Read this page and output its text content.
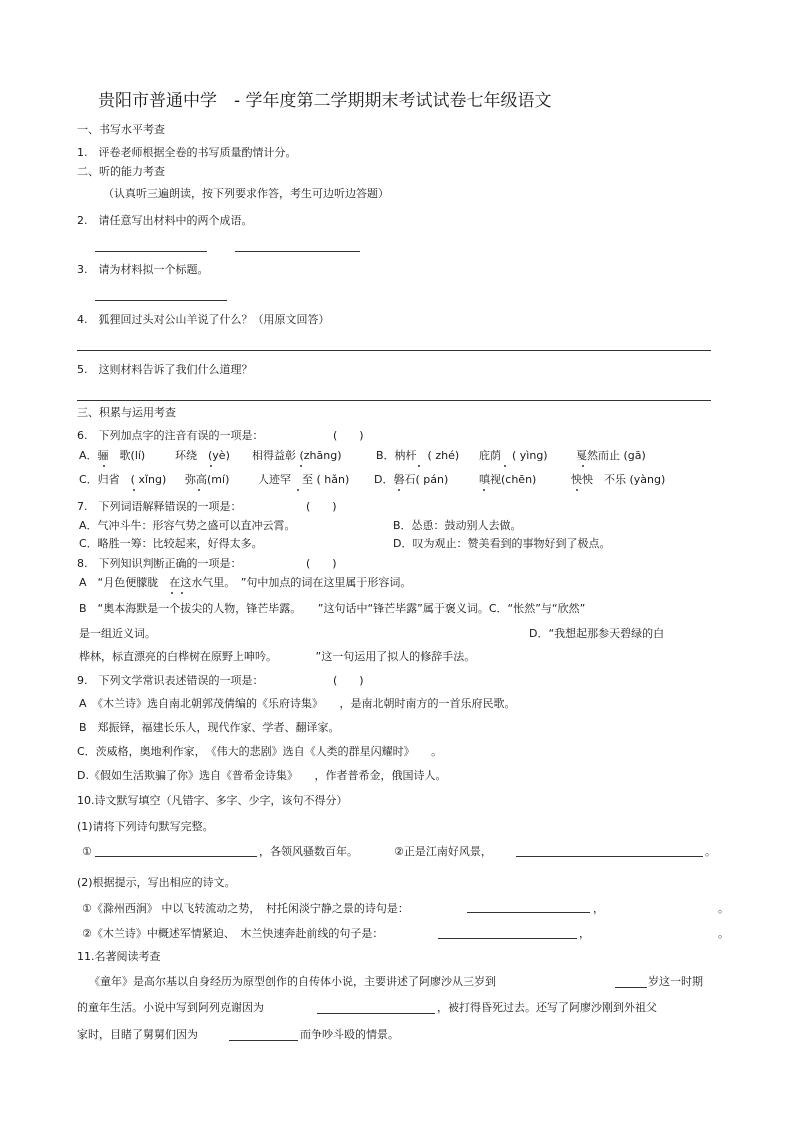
贵阳市普通中学　- 学年度第二学期期末考试试卷七年级语文
一、书写水平考查
1.　评卷老师根据全卷的书写质量酌情计分。
二、听的能力考查
（认真听三遍朗读，按下列要求作答，考生可边听边答题）
2.　请任意写出材料中的两个成语。
3.　请为材料拟一个标题。
4.　狐狸回过头对公山羊说了什么？（用原文回答）
5.　这则材料告诉了我们什么道理？
三、积累与运用考查
6.　下列加点字的注音有误的一项是：	(　　)
A．骊　歌(lí)	环绕　(yè) 相得益彰 (zhāng)	B．枘杆　( zhé) 庇荫　( yìng)	戛然而止 (gā)
C．归省　( xǐng) 弥高(mí)	人迹罕　至 ( hǎn) D．磐石( pán)	嗔视(chēn)	怏怏　不乐 (yàng)
7.　下列词语解释错误的一项是：	(　　)
A．气冲斗牛：形容气势之盛可以直冲云霄。	B．怂恿：鼓动别人去做。
C．略胜一筹：比较起来，好得太多。	D．叹为观止：赞美看到的事物好到了极点。
8.　下列知识判断正确的一项是：	(　　)
A　“月色便朦胧　在这水气里。　”句中加点的词在这里属于形容词。
B　“奥本海默是一个拔尖的人物，锋芒毕露。　　”这句话中“锋芒毕露”属于褒义词。C．“怅然”与“欣然”
是一组近义词。	D．“我想起那参天碧绿的白
桦林，标直漂亮的白桦树在原野上呻吟。　　　　”这一句运用了拟人的修辞手法。
9.　下列文学常识表述错误的一项是：	(　　)
A　《木兰诗》选自南北朝郭茂倩编的《乐府诗集》　　，是南北朝时南方的一首乐府民歌。
B　郑振铎，福建长乐人，现代作家、学者、翻译家。
C．茨威格，奥地利作家，　《伟大的悲剧》选自《人类的群星闪耀时》　　。
D.《假如生活欺骗了你》选自《普希金诗集》　　，作者普希金，俄国诗人。
10.诗文默写填空（凡错字、多字、少字，该句不得分）
(1)请将下列诗句默写完整。
①	，各领风骚数百年。	②正是江南好风景，	。
(2)根据提示，写出相应的诗文。
①《滁州西涧》 中以飞转流动之势，　村托闲淡宁静之景的诗句是：	，	。
②《木兰诗》中概述军情紧迫、　木兰快速奔赴前线的句子是：	，	。
11.名著阅读考查
《童年》是高尔基以自身经历为原型创作的自传体小说，主要讲述了阿廖沙从三岁到	岁这一时期
的童年生活。小说中写到阿列克谢因为	，被打得昏死过去。还写了阿廖沙刚到外祖父
家时，目睹了舅舅们因为	而争吵斗殴的情景。
